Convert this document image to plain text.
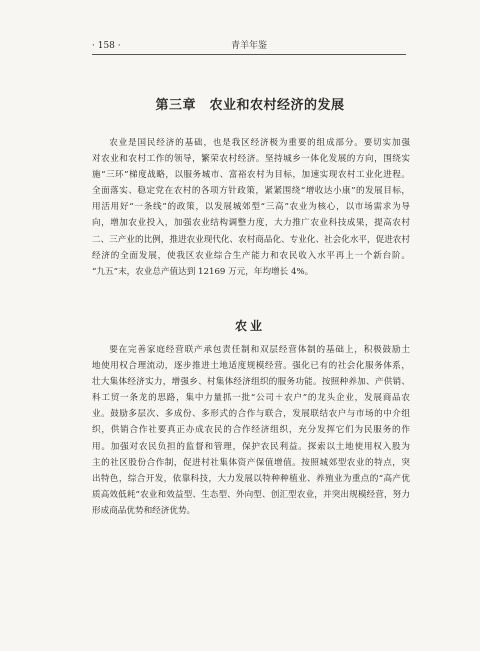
· 158 ·	青羊年鉴
第三章　农业和农村经济的发展

农业是国民经济的基础，也是我区经济极为重要的组成部分。要切实加强
对农业和农村工作的领导，繁荣农村经济。坚持城乡一体化发展的方向，围绕实
施“三环”梯度战略，以服务城市、富裕农村为目标，加速实现农村工业化进程。
全面落实、稳定党在农村的各项方针政策，紧紧围绕“增收达小康”的发展目标，
用活用好“一条线”的政策，以发展城郊型“三高”农业为核心，以市场需求为导
向，增加农业投入，加强农业结构调整力度，大力推广农业科技成果，提高农村
二、三产业的比例，推进农业现代化、农村商品化、专业化、社会化水平，促进农村
经济的全面发展，使我区农业综合生产能力和农民收入水平再上一个新台阶。
“九五”末，农业总产值达到 12169 万元，年均增长 4%。

农业

要在完善家庭经营联产承包责任制和双层经营体制的基础上，积极鼓励土
地使用权合理流动，逐步推进土地适度规模经营。强化已有的社会化服务体系，
壮大集体经济实力，增强乡、村集体经济组织的服务功能。按照种养加、产供销、
科工贸一条龙的思路，集中力量抓一批“公司＋农户”的龙头企业，发展商品农
业。鼓励多层次、多成份、多形式的合作与联合，发展联结农户与市场的中介组
织，供销合作社要真正办成农民的合作经济组织，充分发挥它们为民服务的作
用。加强对农民负担的监督和管理，保护农民利益。探索以土地使用权入股为
主的社区股份合作制，促进村社集体资产保值增值。按照城郊型农业的特点，突
出特色，综合开发，依靠科技，大力发展以特种种植业、养殖业为重点的“高产优
质高效低耗”农业和效益型、生态型、外向型、创汇型农业，并突出规模经营，努力
形成商品优势和经济优势。
